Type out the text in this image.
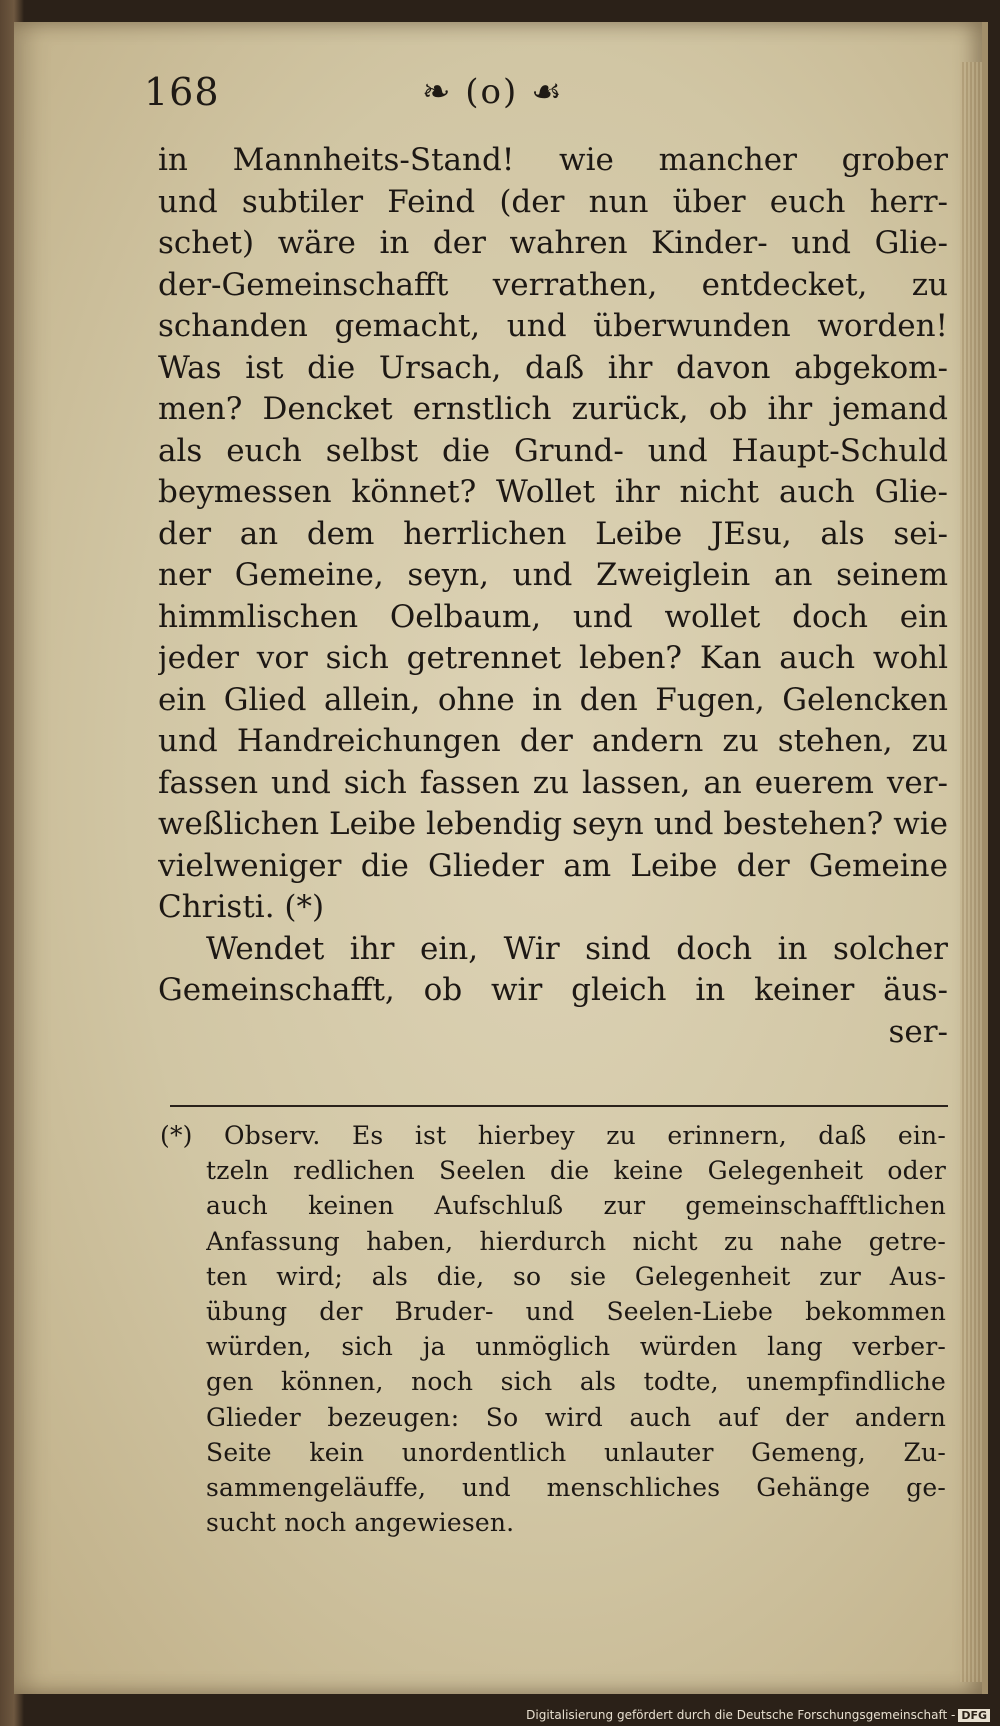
168	❧ (o) ☙
in Mannheits-Stand! wie mancher grober
und subtiler Feind (der nun über euch herr-
schet) wäre in der wahren Kinder- und Glie-
der-Gemeinschafft verrathen, entdecket, zu
schanden gemacht, und überwunden worden!
Was ist die Ursach, daß ihr davon abgekom-
men? Dencket ernstlich zurück, ob ihr jemand
als euch selbst die Grund- und Haupt-Schuld
beymessen könnet? Wollet ihr nicht auch Glie-
der an dem herrlichen Leibe JEsu, als sei-
ner Gemeine, seyn, und Zweiglein an seinem
himmlischen Oelbaum, und wollet doch ein
jeder vor sich getrennet leben? Kan auch wohl
ein Glied allein, ohne in den Fugen, Gelencken
und Handreichungen der andern zu stehen, zu
fassen und sich fassen zu lassen, an euerem ver-
weßlichen Leibe lebendig seyn und bestehen? wie
vielweniger die Glieder am Leibe der Gemeine
Christi. (*)
Wendet ihr ein, Wir sind doch in solcher
Gemeinschafft, ob wir gleich in keiner äus-
ser-
(*) Observ. Es ist hierbey zu erinnern, daß ein-
tzeln redlichen Seelen die keine Gelegenheit oder
auch keinen Aufschluß zur gemeinschafftlichen
Anfassung haben, hierdurch nicht zu nahe getre-
ten wird; als die, so sie Gelegenheit zur Aus-
übung der Bruder- und Seelen-Liebe bekommen
würden, sich ja unmöglich würden lang verber-
gen können, noch sich als todte, unempfindliche
Glieder bezeugen: So wird auch auf der andern
Seite kein unordentlich unlauter Gemeng, Zu-
sammengeläuffe, und menschliches Gehänge ge-
sucht noch angewiesen.
Digitalisierung gefördert durch die Deutsche Forschungsgemeinschaft - DFG
